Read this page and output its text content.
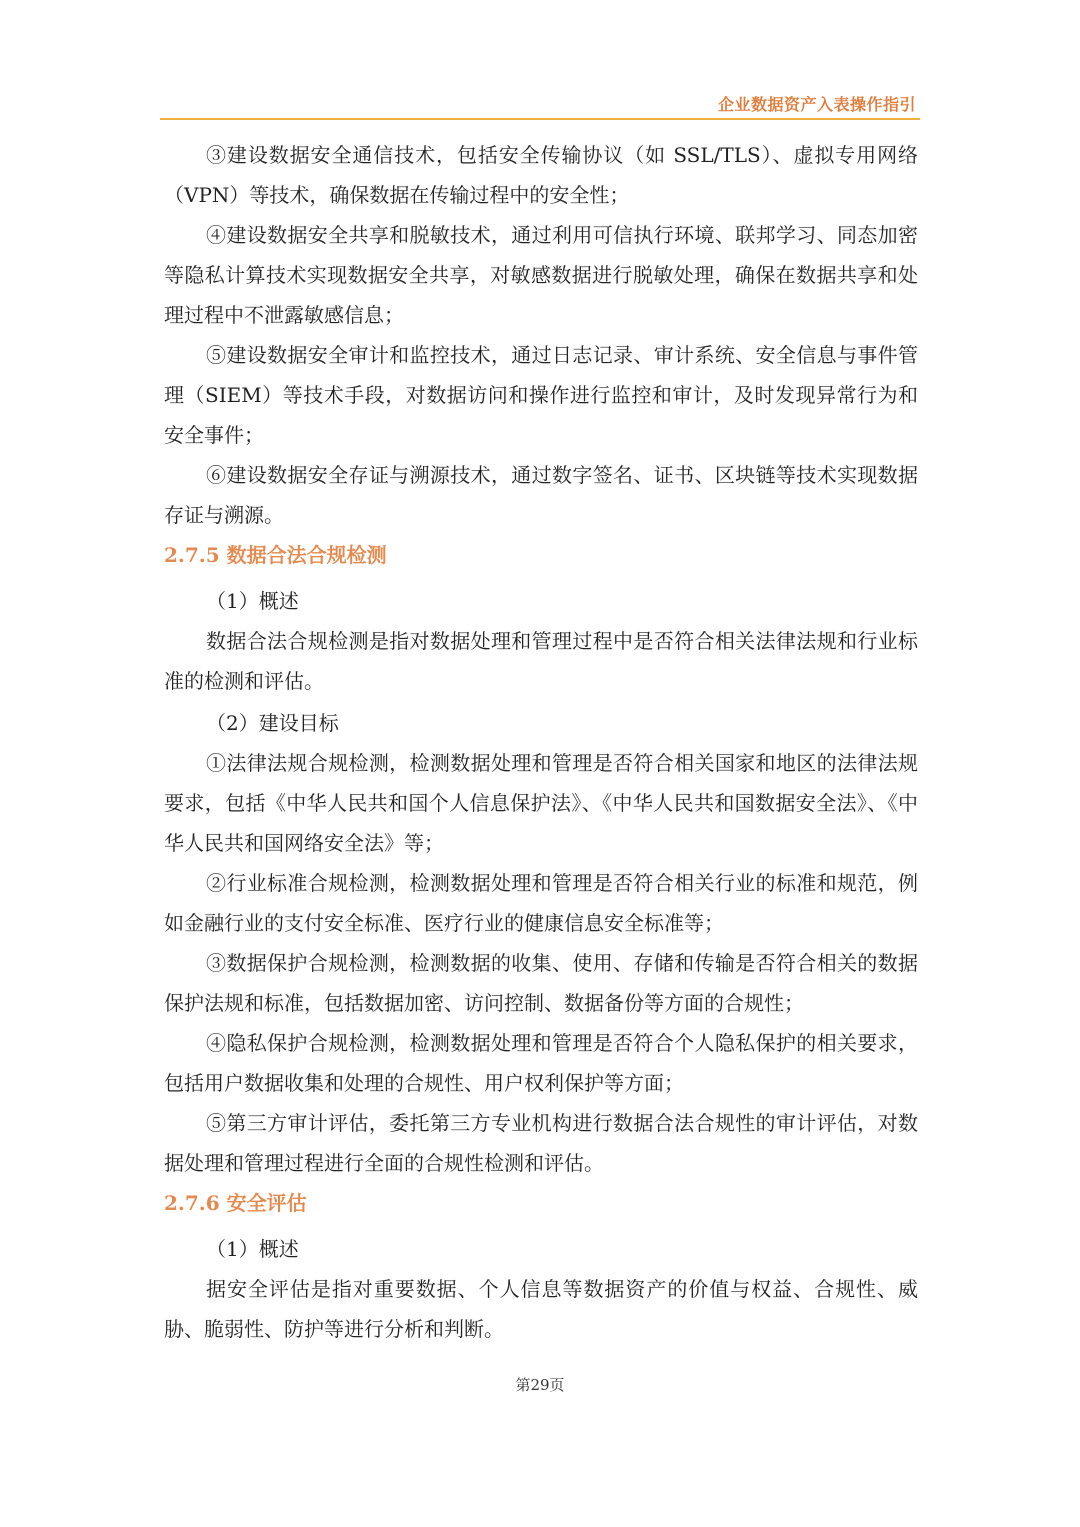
企业数据资产入表操作指引

③建设数据安全通信技术，包括安全传输协议（如 SSL/TLS）、虚拟专用网络（VPN）等技术，确保数据在传输过程中的安全性；

④建设数据安全共享和脱敏技术，通过利用可信执行环境、联邦学习、同态加密等隐私计算技术实现数据安全共享，对敏感数据进行脱敏处理，确保在数据共享和处理过程中不泄露敏感信息；

⑤建设数据安全审计和监控技术，通过日志记录、审计系统、安全信息与事件管理（SIEM）等技术手段，对数据访问和操作进行监控和审计，及时发现异常行为和安全事件；

⑥建设数据安全存证与溯源技术，通过数字签名、证书、区块链等技术实现数据存证与溯源。

2.7.5 数据合法合规检测

（1）概述

数据合法合规检测是指对数据处理和管理过程中是否符合相关法律法规和行业标准的检测和评估。

（2）建设目标

①法律法规合规检测，检测数据处理和管理是否符合相关国家和地区的法律法规要求，包括《中华人民共和国个人信息保护法》、《中华人民共和国数据安全法》、《中华人民共和国网络安全法》等；

②行业标准合规检测，检测数据处理和管理是否符合相关行业的标准和规范，例如金融行业的支付安全标准、医疗行业的健康信息安全标准等；

③数据保护合规检测，检测数据的收集、使用、存储和传输是否符合相关的数据保护法规和标准，包括数据加密、访问控制、数据备份等方面的合规性；

④隐私保护合规检测，检测数据处理和管理是否符合个人隐私保护的相关要求，包括用户数据收集和处理的合规性、用户权利保护等方面；

⑤第三方审计评估，委托第三方专业机构进行数据合法合规性的审计评估，对数据处理和管理过程进行全面的合规性检测和评估。

2.7.6 安全评估

（1）概述

据安全评估是指对重要数据、个人信息等数据资产的价值与权益、合规性、威胁、脆弱性、防护等进行分析和判断。

第29页
